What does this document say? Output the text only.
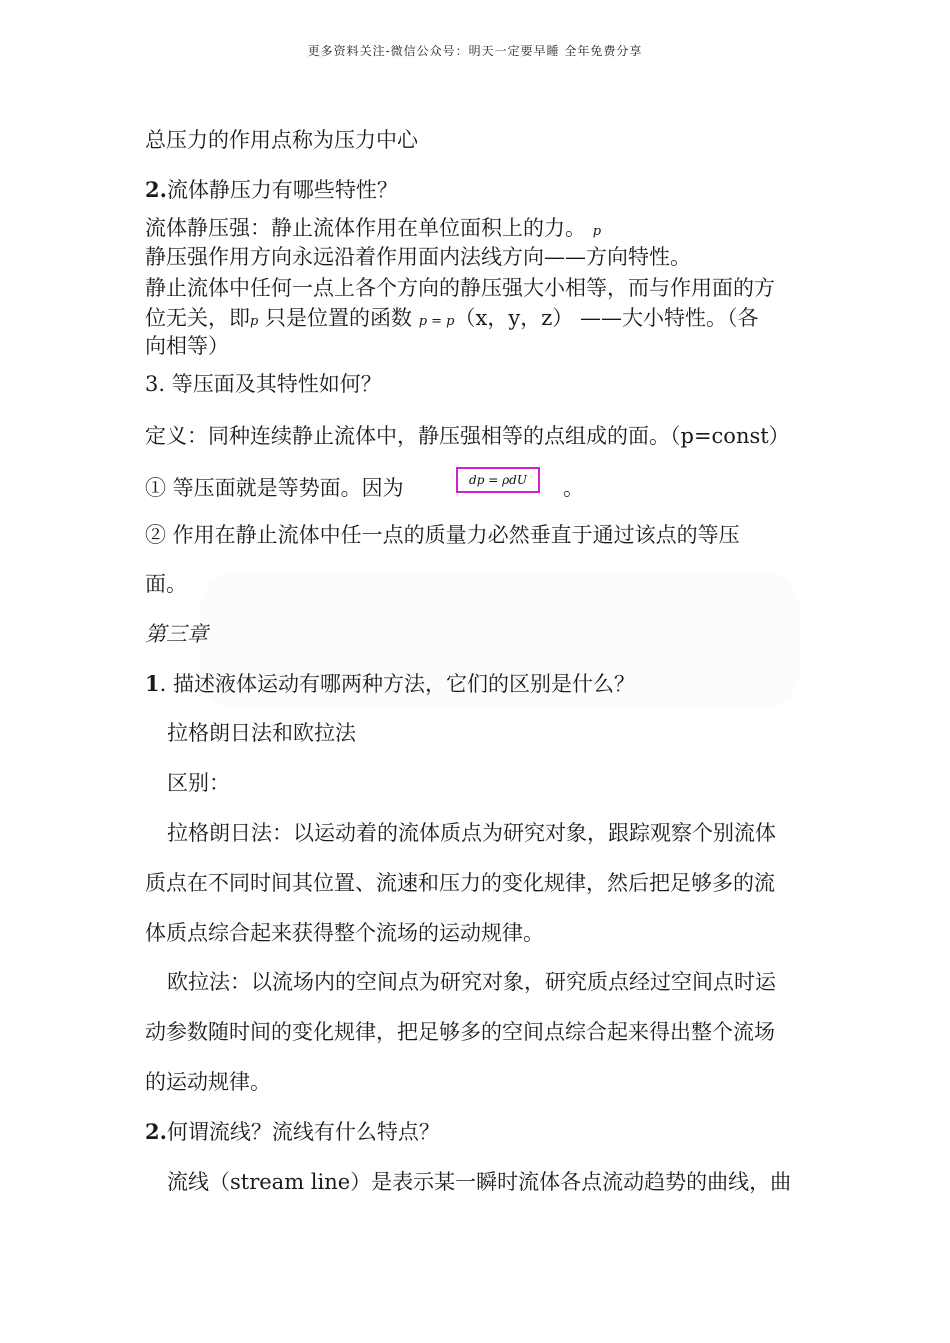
更多资料关注-微信公众号：明天一定要早睡 全年免费分享
总压力的作用点称为压力中心
2.流体静压力有哪些特性？
流体静压强：静止流体作用在单位面积上的力。 p
静压强作用方向永远沿着作用面内法线方向——方向特性。
静止流体中任何一点上各个方向的静压强大小相等，而与作用面的方
位无关，即p 只是位置的函数 p = p（x，y，z） ——大小特性。（各
向相等）
3. 等压面及其特性如何？
定义：同种连续静止流体中，静压强相等的点组成的面。（p=const）
① 等压面就是等势面。因为	dp = ρdU	。
② 作用在静止流体中任一点的质量力必然垂直于通过该点的等压
面。
第三章
1. 描述液体运动有哪两种方法，它们的区别是什么？
拉格朗日法和欧拉法
区别：
拉格朗日法：以运动着的流体质点为研究对象，跟踪观察个别流体
质点在不同时间其位置、流速和压力的变化规律，然后把足够多的流
体质点综合起来获得整个流场的运动规律。
欧拉法：以流场内的空间点为研究对象，研究质点经过空间点时运
动参数随时间的变化规律，把足够多的空间点综合起来得出整个流场
的运动规律。
2.何谓流线？流线有什么特点？
流线（stream line）是表示某一瞬时流体各点流动趋势的曲线，曲
